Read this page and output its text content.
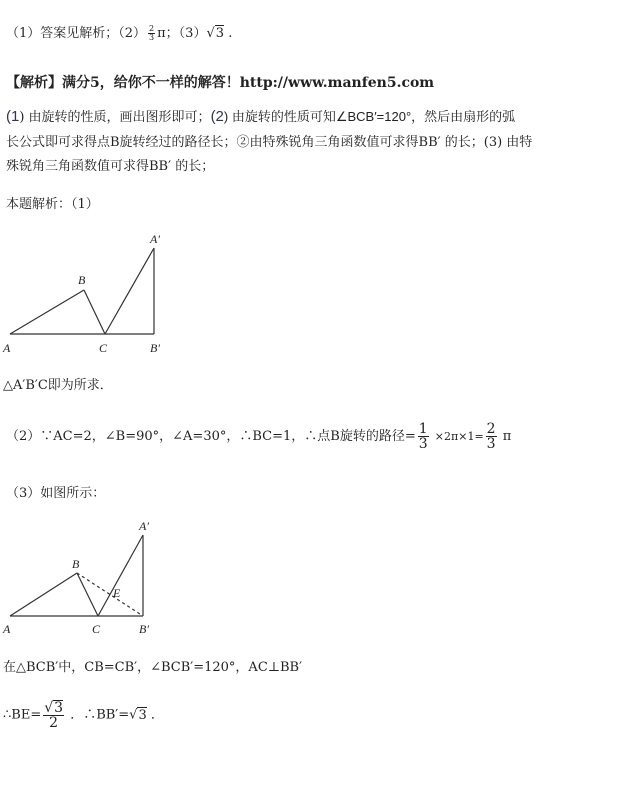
（1）答案见解析；$(2) \frac{2}{3}$ π；（3）√3 .
【解析】满分5，给你不一样的解答！http://www.manfen5.com
(1) 由旋转的性质，画出图形即可；(2) 由旋转的性质可知∠BCB′=120°，然后由扇形的弧
长公式即可求得点B旋转经过的路径长；②由特殊锐角三角函数值可求得BB′ 的长；(3) 由特
殊锐角三角函数值可求得BB′ 的长；
本题解析：（1）
A
B
C	B′
A′
△A′B′C即为所求．
（2）∵AC=2，∠B=90°，∠A=30°，∴BC=1，∴点B旋转的路径= $\frac{1}{3} \times 2\pi\times 1= \frac{2}{3}$ π
（3）如图所示：
A
B
C	B′
A′
E
在△BCB′中，CB=CB′，∠BCB′=120°，AC⊥BB′
∴BE= $\frac{√3}{2}$ ．∴BB′=√3 ．
